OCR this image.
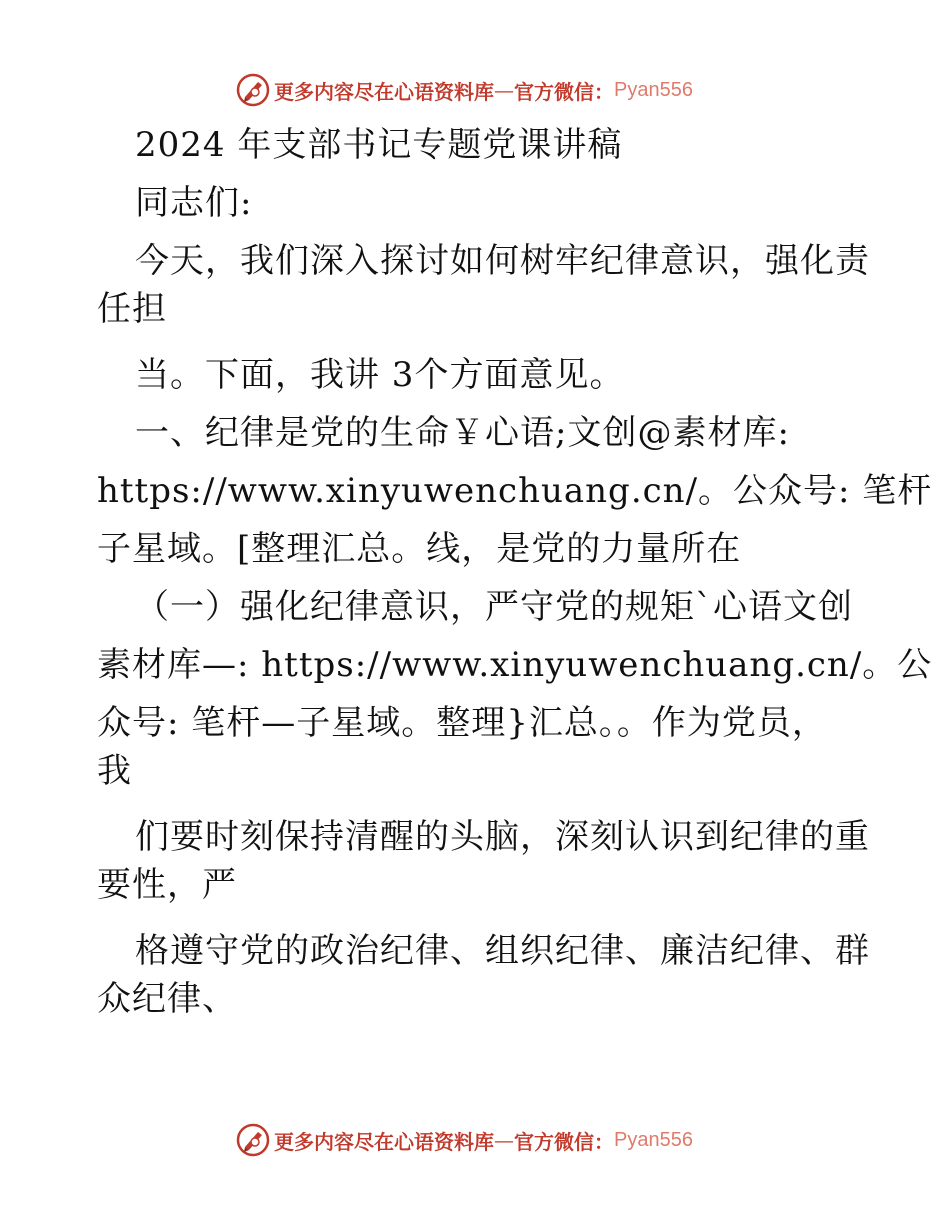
更多内容尽在心语资料库 — 官方微信： Pyan556
2024 年支部书记专题党课讲稿
同志们:
今天，我们深入探讨如何树牢纪律意识，强化责
任担
当。下面，我讲 3个方面意见。
一、纪律是党的生命￥心语;文创@素材库:
https://www.xinyuwenchuang.cn/。公众号: 笔杆
子星域。[整理汇总。线，是党的力量所在
（一）强化纪律意识，严守党的规矩`心语文创
素材库—: https://www.xinyuwenchuang.cn/。公
众号: 笔杆—子星域。整理}汇总。。作为党员，
我
们要时刻保持清醒的头脑，深刻认识到纪律的重
要性，严
格遵守党的政治纪律、组织纪律、廉洁纪律、群
众纪律、
更多内容尽在心语资料库 — 官方微信： Pyan556
